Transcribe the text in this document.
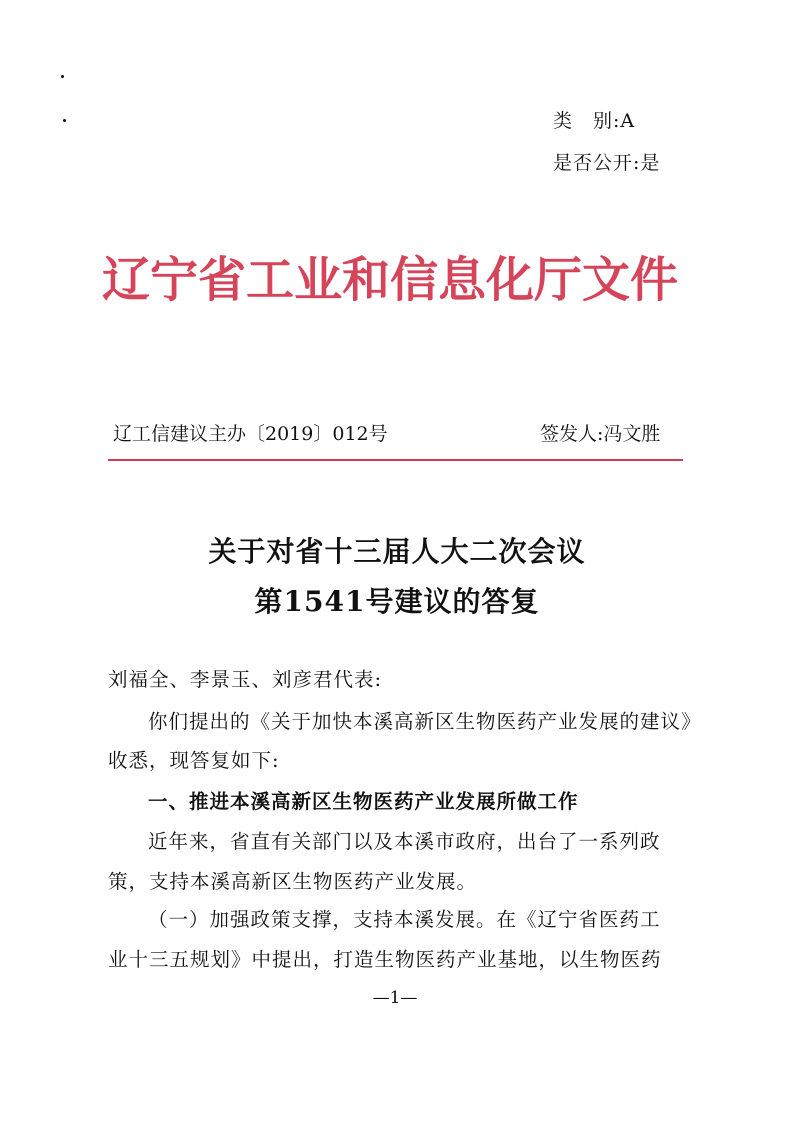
类　别:A
是否公开:是
辽宁省工业和信息化厅文件
辽工信建议主办〔2019〕012号	签发人:冯文胜
关于对省十三届人大二次会议
第1541号建议的答复
刘福全、李景玉、刘彦君代表:
你们提出的《关于加快本溪高新区生物医药产业发展的建议》
收悉，现答复如下:
一、推进本溪高新区生物医药产业发展所做工作
近年来，省直有关部门以及本溪市政府，出台了一系列政
策，支持本溪高新区生物医药产业发展。
（一）加强政策支撑，支持本溪发展。在《辽宁省医药工
业十三五规划》中提出，打造生物医药产业基地，以生物医药
—1—
